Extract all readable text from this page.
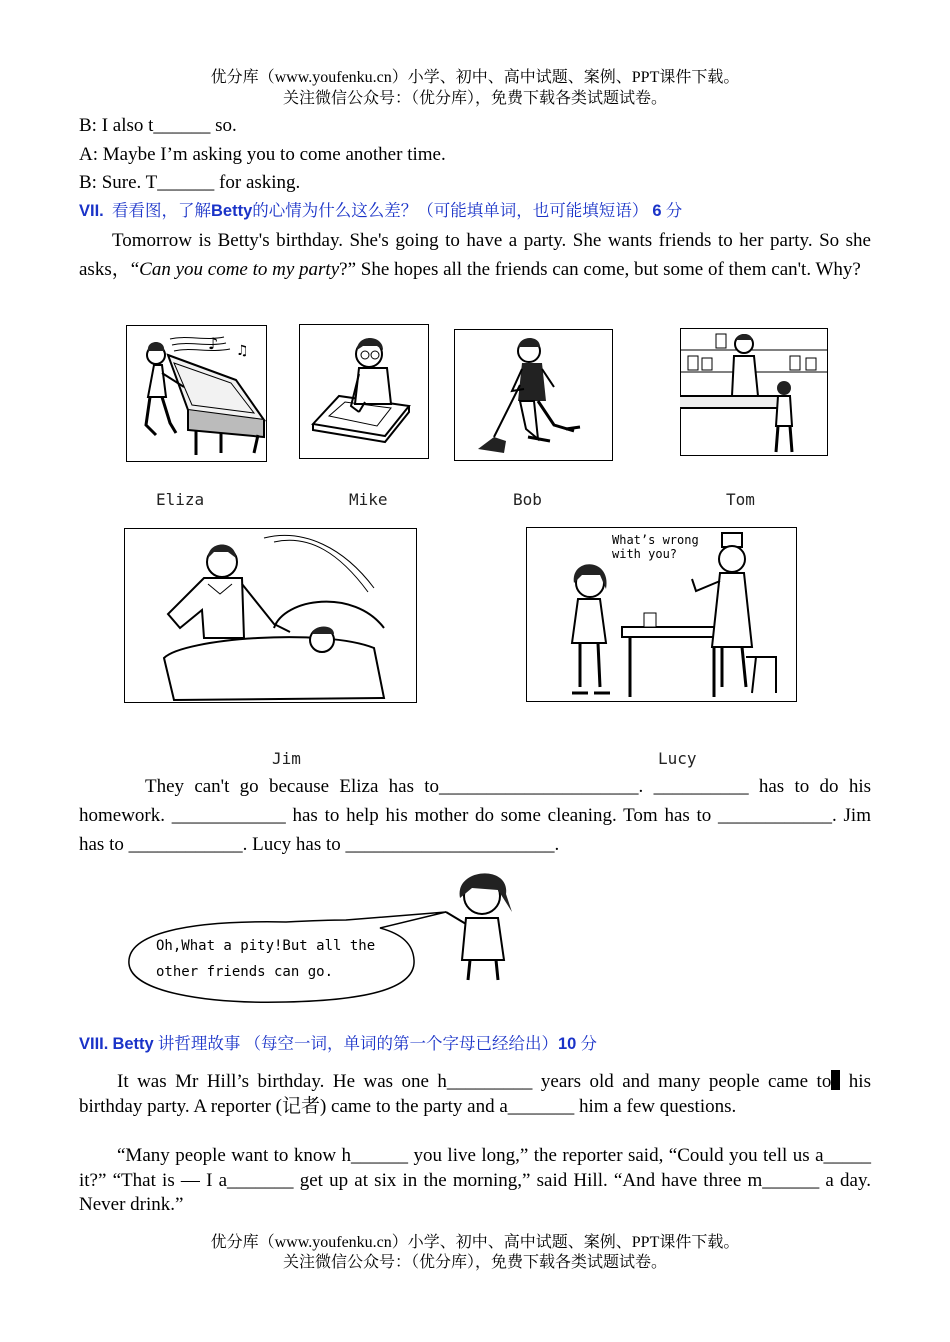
优分库（www.youfenku.cn）小学、初中、高中试题、案例、PPT课件下载。
关注微信公众号：（优分库），免费下载各类试题试卷。
B: I also t______ so.
A: Maybe I’m asking you to come another time.
B: Sure. T______ for asking.
VII. 看看图，了解Betty的心情为什么这么差？（可能填单词，也可能填短语） 6 分
Tomorrow is Betty's birthday. She's going to have a party. She wants friends to her party. So she asks，“Can you come to my party?” She hopes all the friends can come, but some of them can't. Why?
♪ ♫
Eliza	Mike	Bob	Tom
What’s wrong
with you?
Jim	Lucy
They can't go because Eliza has to_____________________. __________ has to do his homework. ____________ has to help his mother do some cleaning. Tom has to ____________. Jim has to ____________. Lucy has to ______________________.
Oh,What a pity!But all the
other friends can go.
VIII. Betty 讲哲理故事 （每空一词，单词的第一个字母已经给出）10 分
It was Mr Hill’s birthday. He was one h_________ years old and many people came to his birthday party. A reporter (记者) came to the party and a_______ him a few questions.
“Many people want to know h______ you live long,” the reporter said, “Could you tell us a_____ it?” “That is — I a_______ get up at six in the morning,” said Hill. “And have three m______ a day. Never drink.”
优分库（www.youfenku.cn）小学、初中、高中试题、案例、PPT课件下载。
关注微信公众号：（优分库），免费下载各类试题试卷。
